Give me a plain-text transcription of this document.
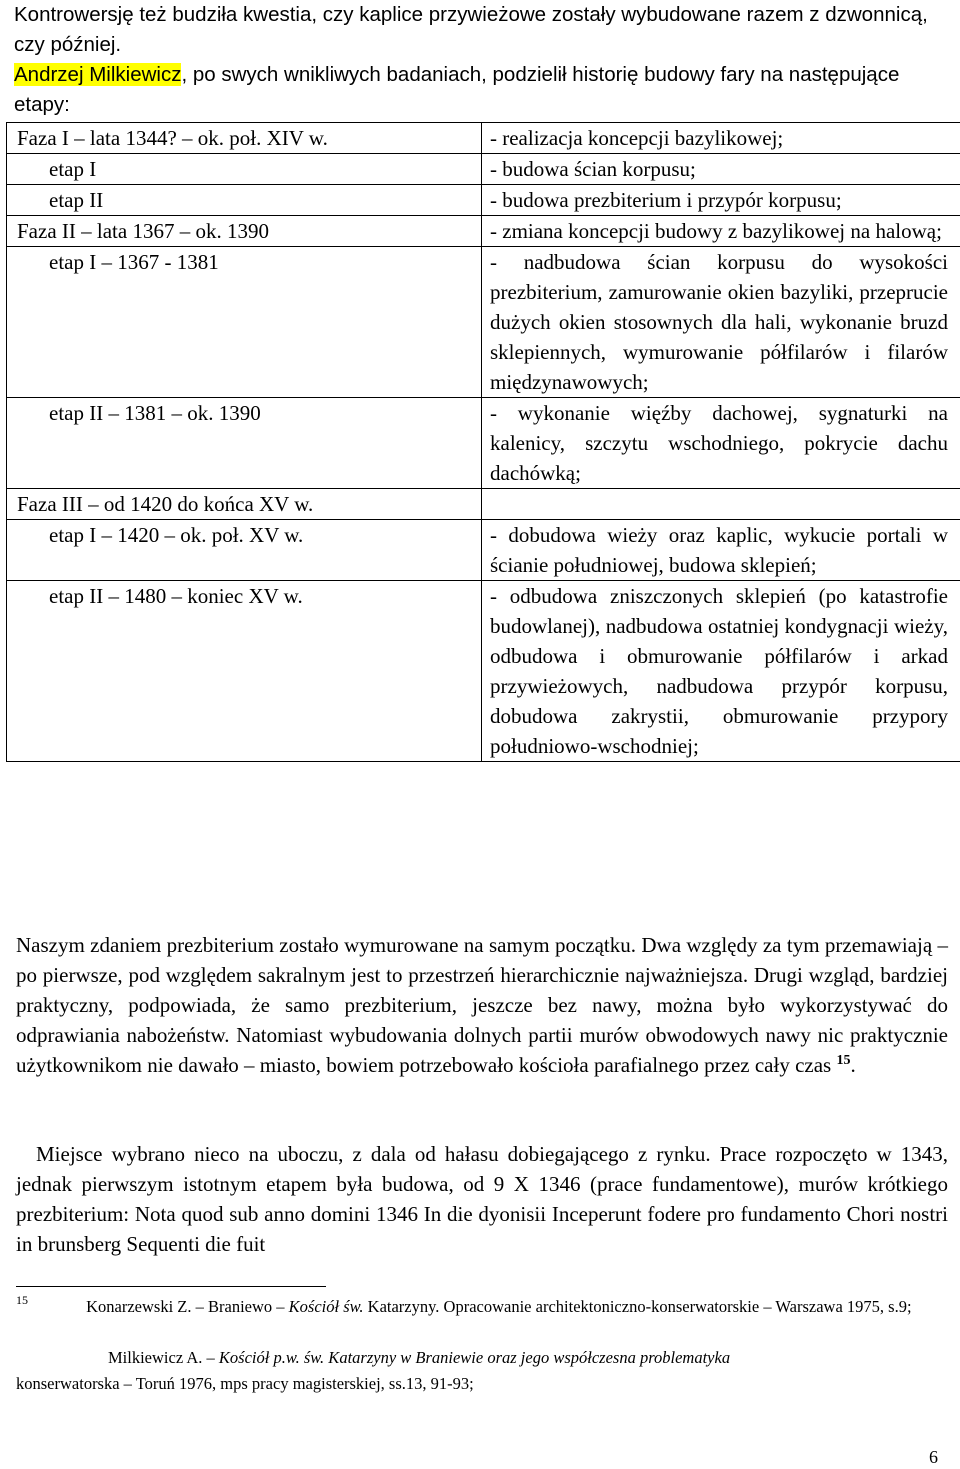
Kontrowersję też budziła kwestia, czy kaplice przywieżowe zostały wybudowane razem z dzwonnicą, czy później.
Andrzej Milkiewicz, po swych wnikliwych badaniach, podzielił historię budowy fary na następujące etapy:
Faza I – lata 1344? – ok. poł. XIV w.	- realizacja koncepcji bazylikowej;
etap I	- budowa ścian korpusu;
etap II	- budowa prezbiterium i przypór korpusu;
Faza II – lata 1367 – ok. 1390	- zmiana koncepcji budowy z bazylikowej na halową;
etap I – 1367 - 1381	- nadbudowa ścian korpusu do wysokości prezbiterium, zamurowanie okien bazyliki, przeprucie dużych okien stosownych dla hali, wykonanie bruzd sklepiennych, wymurowanie półfilarów i filarów międzynawowych;
etap II – 1381 – ok. 1390	- wykonanie więźby dachowej, sygnaturki na kalenicy, szczytu wschodniego, pokrycie dachu dachówką;
Faza III – od 1420 do końca XV w.	
etap I – 1420 – ok. poł. XV w.	- dobudowa wieży oraz kaplic, wykucie portali w ścianie południowej, budowa sklepień;
etap II – 1480 – koniec XV w.	- odbudowa zniszczonych sklepień (po katastrofie budowlanej), nadbudowa ostatniej kondygnacji wieży, odbudowa i obmurowanie półfilarów i arkad przywieżowych, nadbudowa przypór korpusu, dobudowa zakrystii, obmurowanie przypory południowo-wschodniej;
Naszym zdaniem prezbiterium zostało wymurowane na samym początku. Dwa względy za tym przemawiają – po pierwsze, pod względem sakralnym jest to przestrzeń hierarchicznie najważniejsza. Drugi wzgląd, bardziej praktyczny, podpowiada, że samo prezbiterium, jeszcze bez nawy, można było wykorzystywać do odprawiania nabożeństw. Natomiast wybudowania dolnych partii murów obwodowych nawy nic praktycznie użytkownikom nie dawało – miasto, bowiem potrzebowało kościoła parafialnego przez cały czas $^{15}$.
Miejsce wybrano nieco na uboczu, z dala od hałasu dobiegającego z rynku. Prace rozpoczęto w 1343, jednak pierwszym istotnym etapem była budowa, od 9 X 1346 (prace fundamentowe), murów krótkiego prezbiterium: Nota quod sub anno domini 1346 In die dyonisii Inceperunt fodere pro fundamento Chori nostri in brunsberg Sequenti die fuit
$^{15}$	Konarzewski Z. – Braniewo – Kościół św. Katarzyny. Opracowanie architektoniczno-konserwatorskie – Warszawa 1975, s.9;
Milkiewicz A. – Kościół p.w. św. Katarzyny w Braniewie oraz jego współczesna problematyka
konserwatorska – Toruń 1976, mps pracy magisterskiej, ss.13, 91-93;
6
